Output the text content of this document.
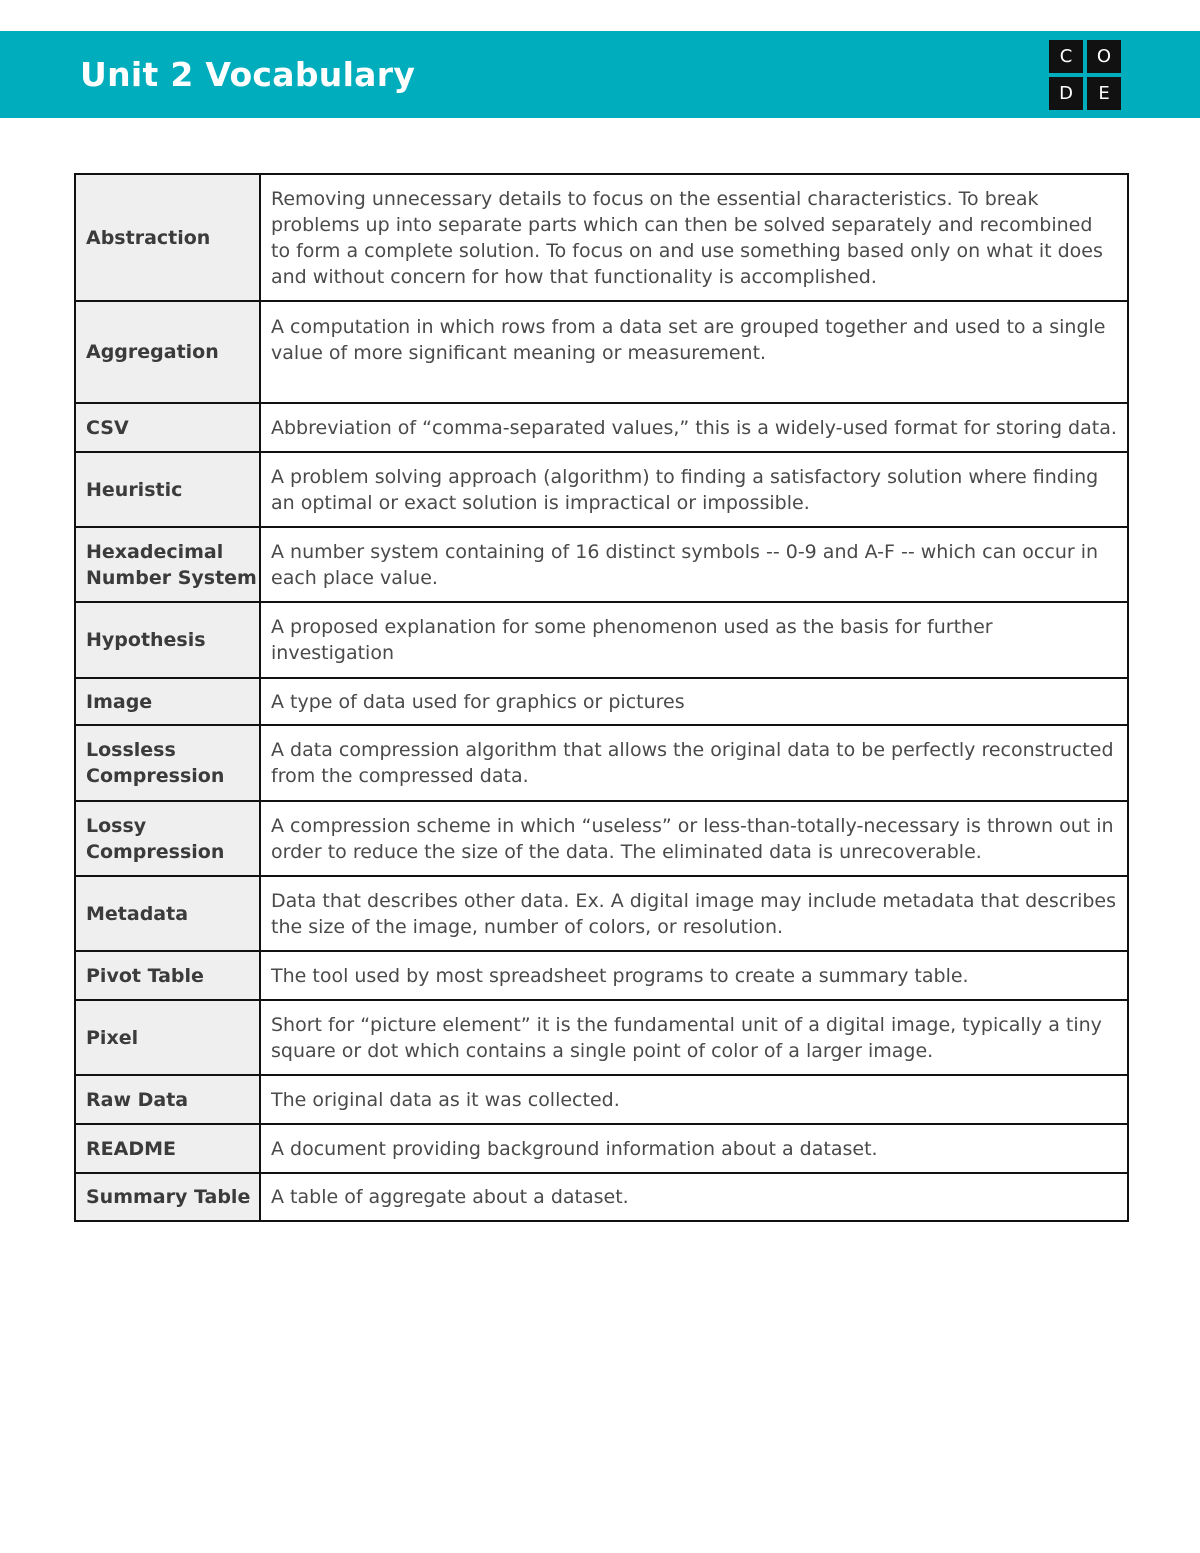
Unit 2 Vocabulary	C	O
D	E
Abstraction	Removing unnecessary details to focus on the essential characteristics. To break problems up into separate parts which can then be solved separately and recombined to form a complete solution. To focus on and use something based only on what it does and without concern for how that functionality is accomplished.
Aggregation	A computation in which rows from a data set are grouped together and used to a single value of more significant meaning or measurement.
CSV	Abbreviation of “comma-separated values,” this is a widely-used format for storing data.
Heuristic	A problem solving approach (algorithm) to finding a satisfactory solution where finding an optimal or exact solution is impractical or impossible.
Hexadecimal Number System	A number system containing of 16 distinct symbols -- 0-9 and A-F -- which can occur in each place value.
Hypothesis	A proposed explanation for some phenomenon used as the basis for further investigation
Image	A type of data used for graphics or pictures
Lossless Compression	A data compression algorithm that allows the original data to be perfectly reconstructed from the compressed data.
Lossy Compression	A compression scheme in which “useless” or less-than-totally-necessary is thrown out in order to reduce the size of the data. The eliminated data is unrecoverable.
Metadata	Data that describes other data. Ex. A digital image may include metadata that describes the size of the image, number of colors, or resolution.
Pivot Table	The tool used by most spreadsheet programs to create a summary table.
Pixel	Short for “picture element” it is the fundamental unit of a digital image, typically a tiny square or dot which contains a single point of color of a larger image.
Raw Data	The original data as it was collected.
README	A document providing background information about a dataset.
Summary Table	A table of aggregate about a dataset.
